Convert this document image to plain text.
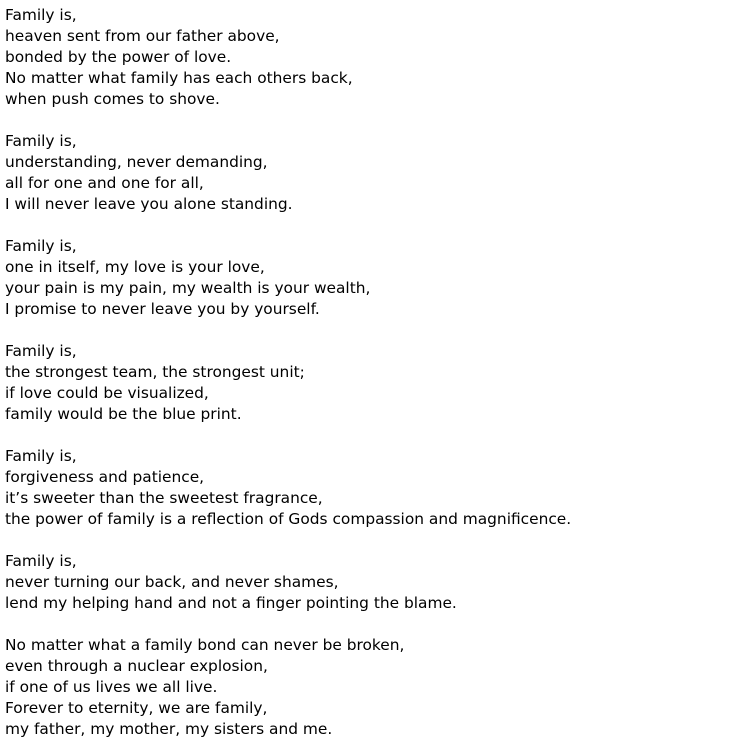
Family is,
heaven sent from our father above,
bonded by the power of love.
No matter what family has each others back,
when push comes to shove.
Family is,
understanding, never demanding,
all for one and one for all,
I will never leave you alone standing.
Family is,
one in itself, my love is your love,
your pain is my pain, my wealth is your wealth,
I promise to never leave you by yourself.
Family is,
the strongest team, the strongest unit;
if love could be visualized,
family would be the blue print.
Family is,
forgiveness and patience,
it’s sweeter than the sweetest fragrance,
the power of family is a reflection of Gods compassion and magnificence.
Family is,
never turning our back, and never shames,
lend my helping hand and not a finger pointing the blame.
No matter what a family bond can never be broken,
even through a nuclear explosion,
if one of us lives we all live.
Forever to eternity, we are family,
my father, my mother, my sisters and me.
